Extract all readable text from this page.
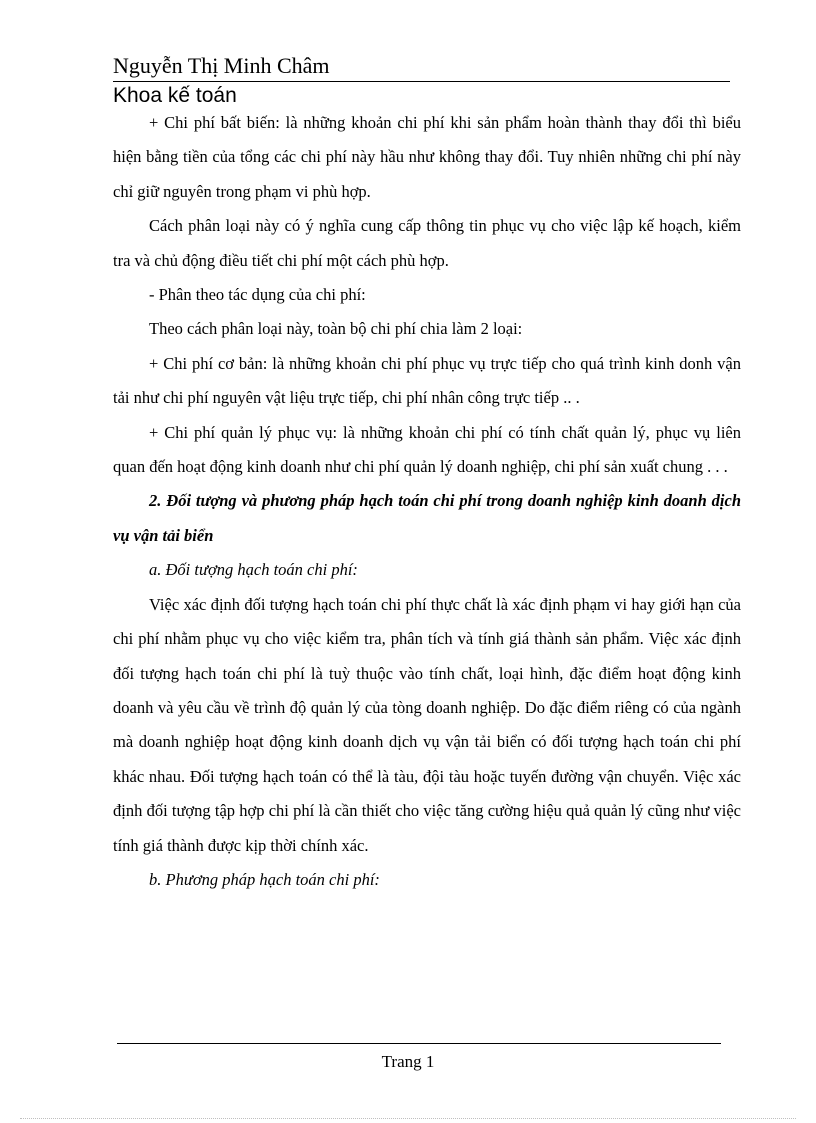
Nguyễn Thị Minh Châm
Khoa kế toán

+ Chi phí bất biến: là những khoản chi phí khi sản phẩm hoàn thành thay đổi thì biểu hiện bằng tiền của tổng các chi phí này hầu như không thay đổi. Tuy nhiên những chi phí này chỉ giữ nguyên trong phạm vi phù hợp.

Cách phân loại này có ý nghĩa cung cấp thông tin phục vụ cho việc lập kế hoạch, kiểm tra và chủ động điều tiết chi phí một cách phù hợp.

- Phân theo tác dụng của chi phí:

Theo cách phân loại này, toàn bộ chi phí chia làm 2 loại:

+ Chi phí cơ bản: là những khoản chi phí phục vụ trực tiếp cho quá trình kinh donh vận tải như chi phí nguyên vật liệu trực tiếp, chi phí nhân công trực tiếp .. .

+ Chi phí quản lý phục vụ: là những khoản chi phí có tính chất quản lý, phục vụ liên quan đến hoạt động kinh doanh như chi phí quản lý doanh nghiệp, chi phí sản xuất chung . . .

2. Đối tượng và phương pháp hạch toán chi phí trong doanh nghiệp kinh doanh dịch vụ vận tải biển

a. Đối tượng hạch toán chi phí:

Việc xác định đối tượng hạch toán chi phí thực chất là xác định phạm vi hay giới hạn của chi phí nhằm phục vụ cho việc kiểm tra, phân tích và tính giá thành sản phẩm. Việc xác định đối tượng hạch toán chi phí là tuỳ thuộc vào tính chất, loại hình, đặc điểm hoạt động kinh doanh và yêu cầu về trình độ quản lý của tòng doanh nghiệp. Do đặc điểm riêng có của ngành mà doanh nghiệp hoạt động kinh doanh dịch vụ vận tải biển có đối tượng hạch toán chi phí khác nhau. Đối tượng hạch toán có thể là tàu, đội tàu hoặc tuyến đường vận chuyển. Việc xác định đối tượng tập hợp chi phí là cần thiết cho việc tăng cường hiệu quả quản lý cũng như việc tính giá thành được kịp thời chính xác.

b. Phương pháp hạch toán chi phí:

Trang 1
